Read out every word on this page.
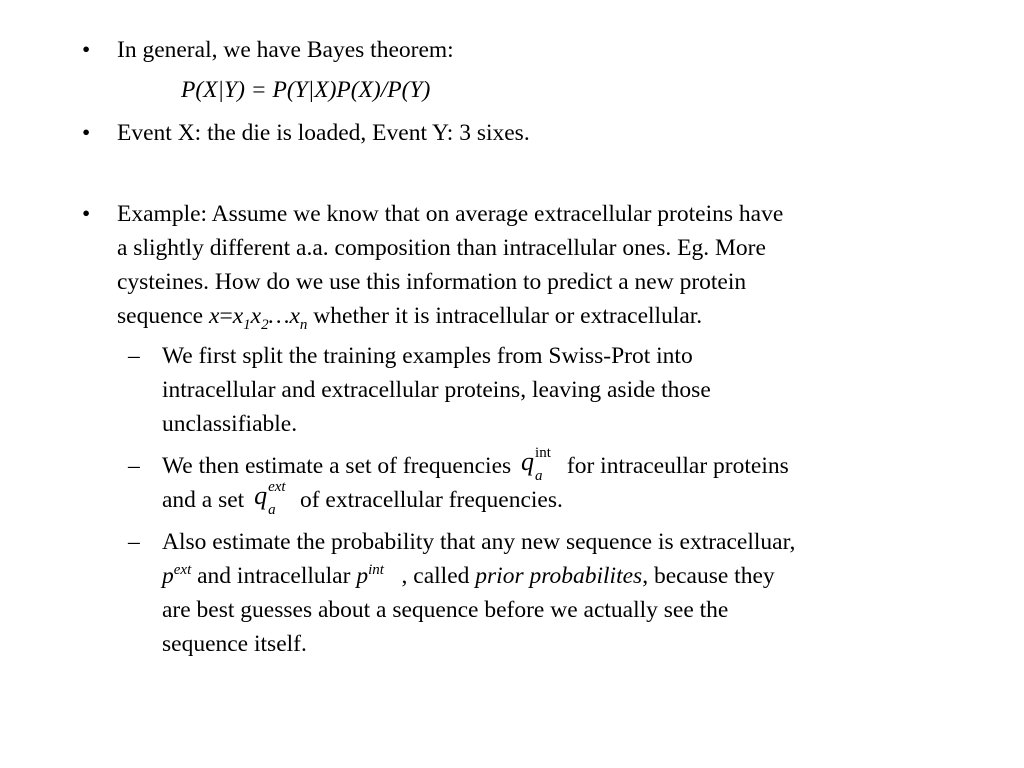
• In general, we have Bayes theorem:
P(X|Y) = P(Y|X)P(X)/P(Y)
• Event X: the die is loaded, Event Y: 3 sixes.
• Example: Assume we know that on average extracellular proteins have
a slightly different a.a. composition than intracellular ones. Eg. More
cysteines. How do we use this information to predict a new protein
sequence $x=x_1x_2\dots x_n$ whether it is intracellular or extracellular.
– We first split the training examples from Swiss-Prot into
intracellular and extracellular proteins, leaving aside those
unclassifiable.
– We then estimate a set of frequencies q int
a for intraceullar proteins
and a set q ext
a of extracellular frequencies.
– Also estimate the probability that any new sequence is extracelluar,
$p^{ext}$ and intracellular $p^{int}$   , called prior probabilites, because they
are best guesses about a sequence before we actually see the
sequence itself.
